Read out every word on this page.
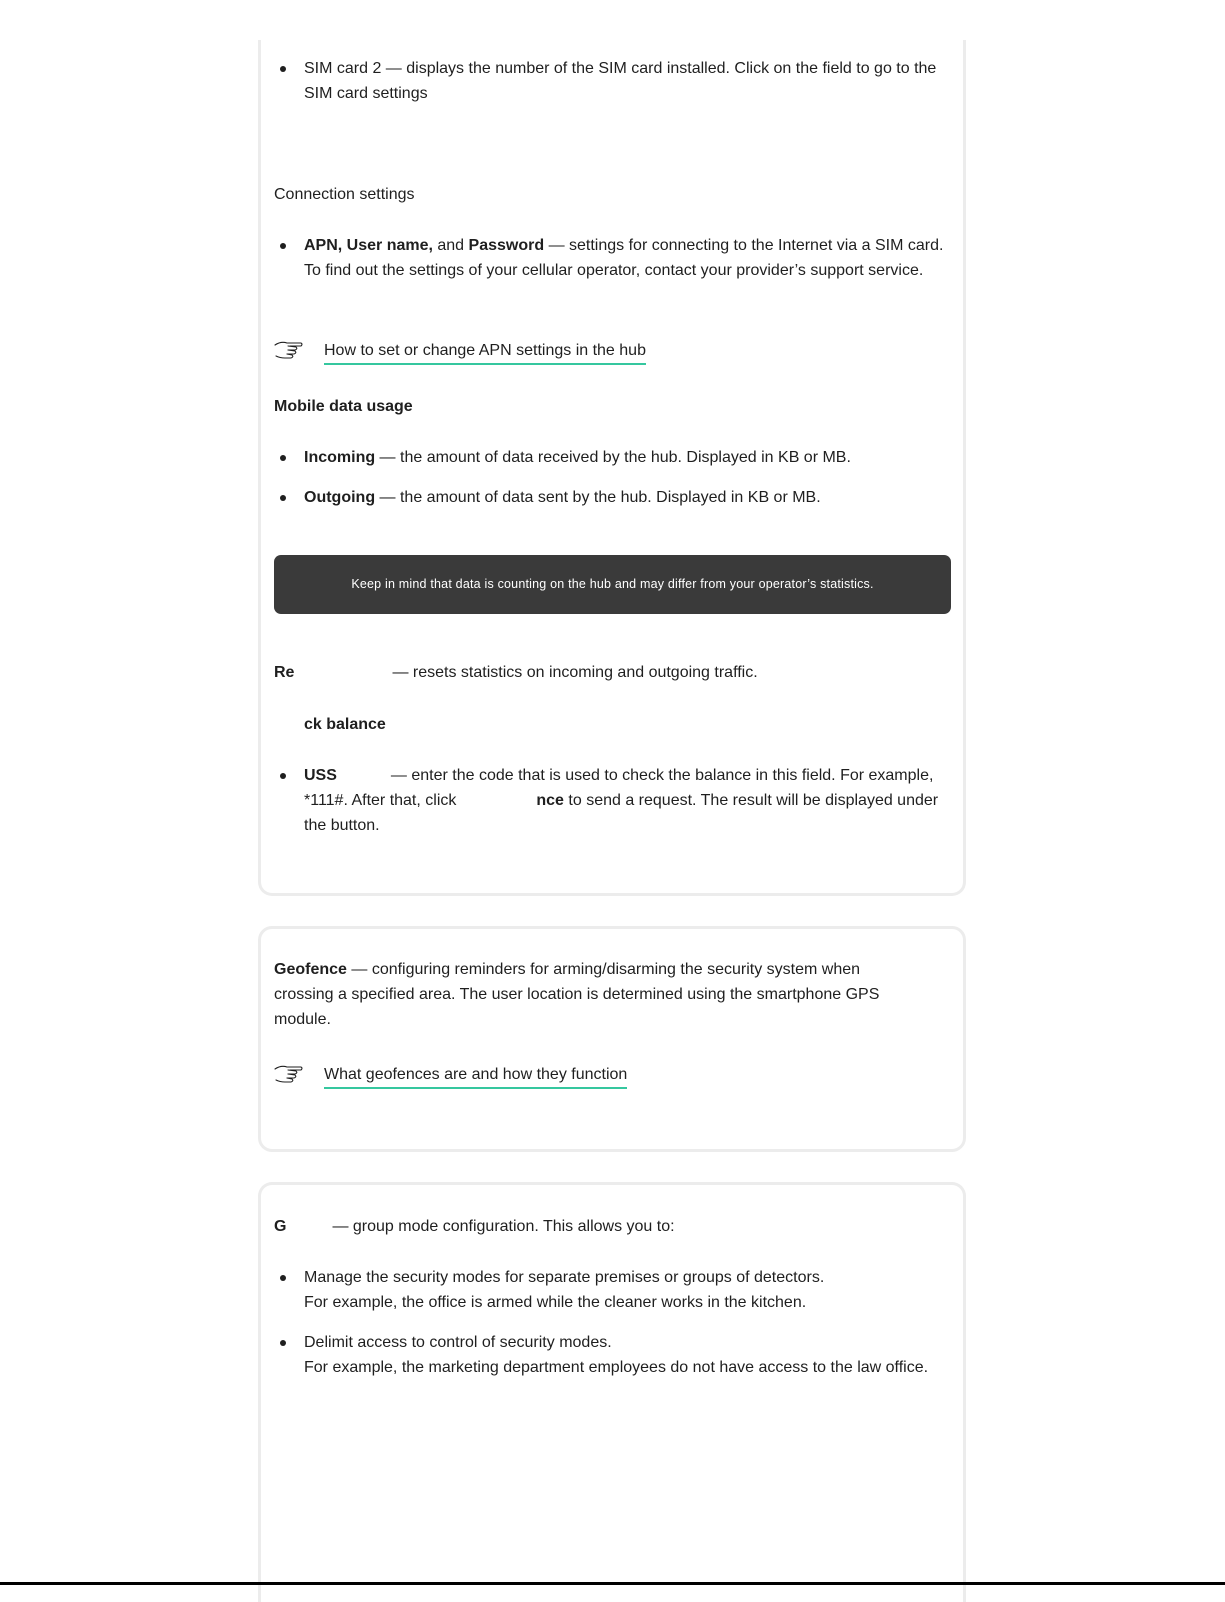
SIM card 2 — displays the number of the SIM card installed. Click on the field to go to the SIM card settings

Connection settings

APN, User name, and Password — settings for connecting to the Internet via a SIM card. To find out the settings of your cellular operator, contact your provider’s support service.

How to set or change APN settings in the hub

Mobile data usage

Incoming — the amount of data received by the hub. Displayed in KB or MB.

Outgoing — the amount of data sent by the hub. Displayed in KB or MB.

Keep in mind that data is counting on the hub and may differ from your operator’s statistics.

Re	— resets statistics on incoming and outgoing traffic.

ck balance

USS	— enter the code that is used to check the balance in this field. For example, *111#. After that, click	nce to send a request. The result will be displayed under the button.

Geofence — configuring reminders for arming/disarming the security system when crossing a specified area. The user location is determined using the smartphone GPS module.

What geofences are and how they function

G	— group mode configuration. This allows you to:

Manage the security modes for separate premises or groups of detectors.
For example, the office is armed while the cleaner works in the kitchen.

Delimit access to control of security modes.
For example, the marketing department employees do not have access to the law office.
